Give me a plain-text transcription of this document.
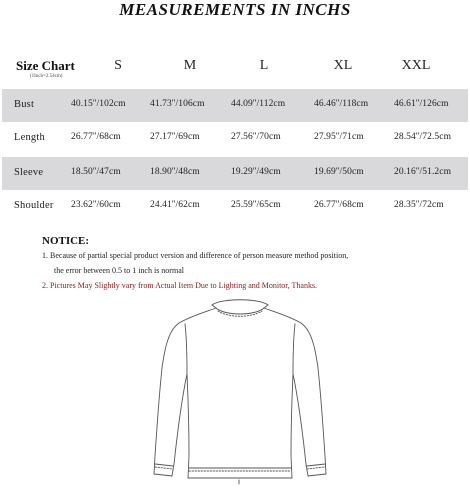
MEASUREMENTS IN INCHS
Size Chart
(1Inch=2.54cm)
S	M	L	XL	XXL
Bust	40.15''/102cm	41.73''/106cm	44.09''/112cm	46.46''/118cm	46.61''/126cm
Length	26.77''/68cm	27.17''/69cm	27.56''/70cm	27.95''/71cm	28.54''/72.5cm
Sleeve	18.50''/47cm	18.90''/48cm	19.29''/49cm	19.69''/50cm	20.16''/51.2cm
Shoulder 23.62''/60cm	24.41''/62cm	25.59''/65cm	26.77''/68cm	28.35''/72cm
NOTICE:
1. Because of partial special product version and difference of person measure method position,
the error between 0.5 to 1 inch is normal
2. Pictures May Slightly vary from Actual Item Due to Lighting and Monitor, Thanks.
